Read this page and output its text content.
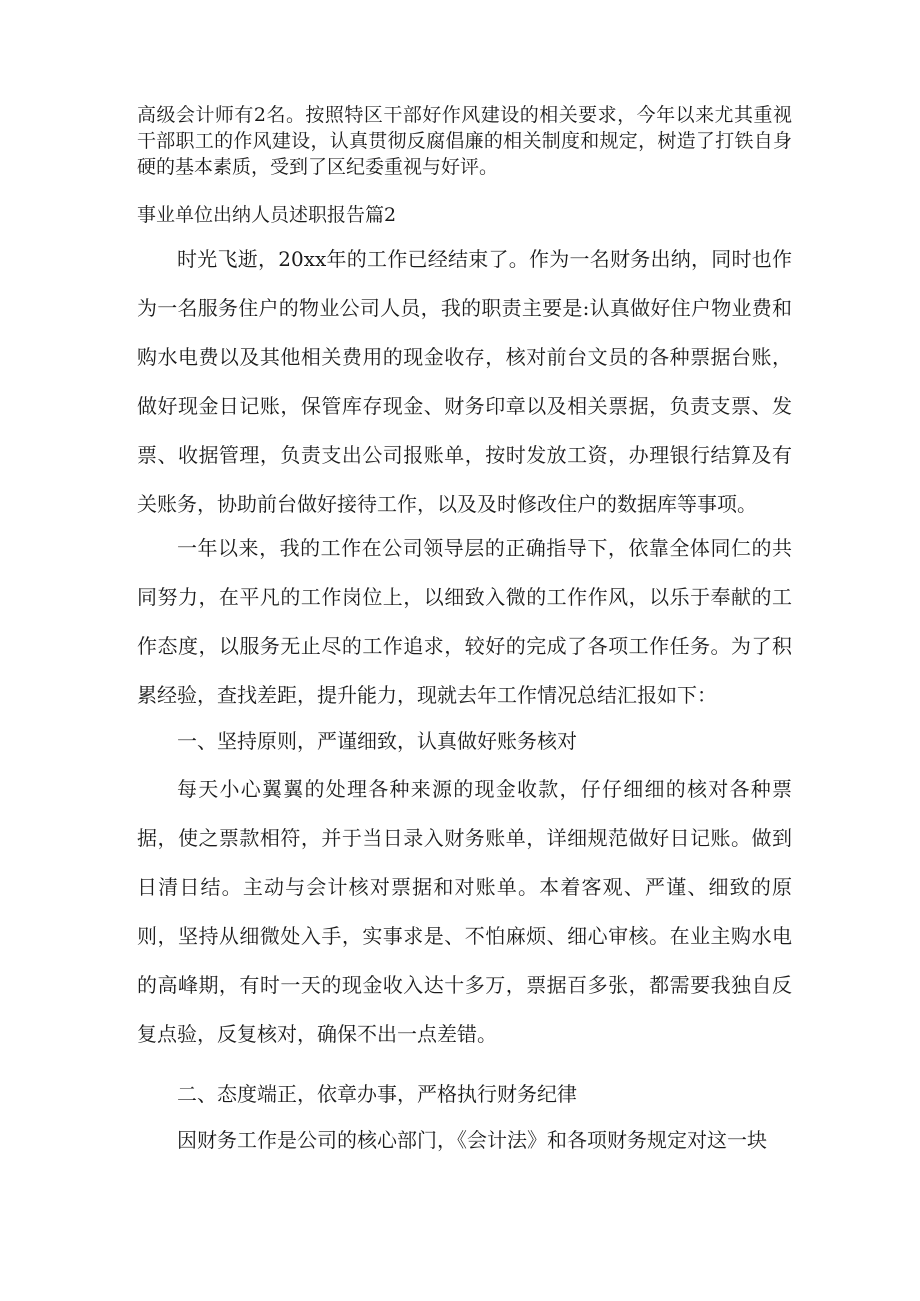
高级会计师有2名。按照特区干部好作风建设的相关要求，今年以来尤其重视干部职工的作风建设，认真贯彻反腐倡廉的相关制度和规定，树造了打铁自身硬的基本素质，受到了区纪委重视与好评。

事业单位出纳人员述职报告篇2

时光飞逝，20xx年的工作已经结束了。作为一名财务出纳，同时也作为一名服务住户的物业公司人员，我的职责主要是:认真做好住户物业费和购水电费以及其他相关费用的现金收存，核对前台文员的各种票据台账，做好现金日记账，保管库存现金、财务印章以及相关票据，负责支票、发票、收据管理，负责支出公司报账单，按时发放工资，办理银行结算及有关账务，协助前台做好接待工作，以及及时修改住户的数据库等事项。

一年以来，我的工作在公司领导层的正确指导下，依靠全体同仁的共同努力，在平凡的工作岗位上，以细致入微的工作作风，以乐于奉献的工作态度，以服务无止尽的工作追求，较好的完成了各项工作任务。为了积累经验，查找差距，提升能力，现就去年工作情况总结汇报如下：

一、坚持原则，严谨细致，认真做好账务核对

每天小心翼翼的处理各种来源的现金收款，仔仔细细的核对各种票据，使之票款相符，并于当日录入财务账单，详细规范做好日记账。做到日清日结。主动与会计核对票据和对账单。本着客观、严谨、细致的原则，坚持从细微处入手，实事求是、不怕麻烦、细心审核。在业主购水电的高峰期，有时一天的现金收入达十多万，票据百多张，都需要我独自反复点验，反复核对，确保不出一点差错。

二、态度端正，依章办事，严格执行财务纪律

因财务工作是公司的核心部门，《会计法》和各项财务规定对这一块
